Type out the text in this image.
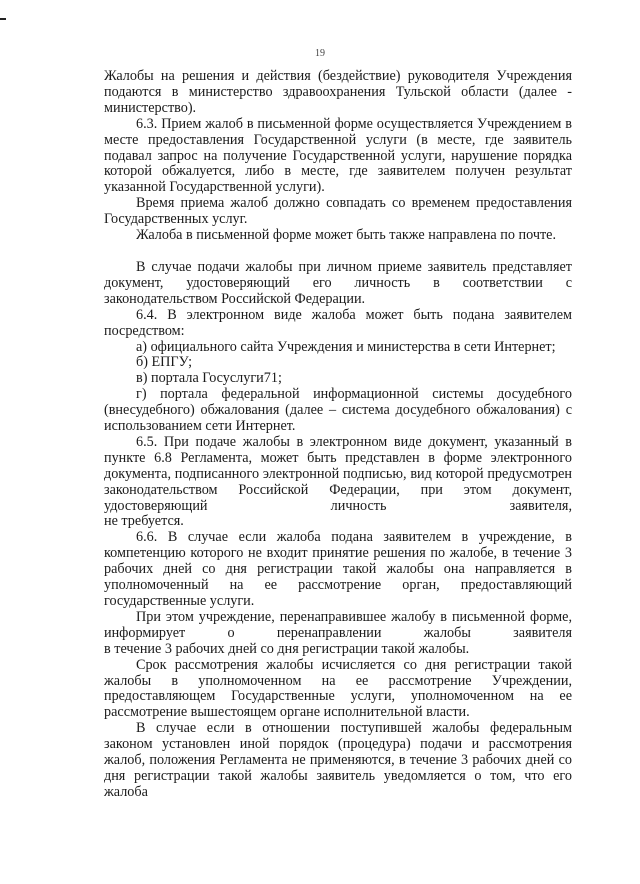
19

Жалобы на решения и действия (бездействие) руководителя Учреждения подаются в министерство здравоохранения Тульской области (далее - министерство).

6.3. Прием жалоб в письменной форме осуществляется Учреждением в месте предоставления Государственной услуги (в месте, где заявитель подавал запрос на получение Государственной услуги, нарушение порядка которой обжалуется, либо в месте, где заявителем получен результат указанной Государственной услуги).

Время приема жалоб должно совпадать со временем предоставления Государственных услуг.

Жалоба в письменной форме может быть также направлена по почте.

В случае подачи жалобы при личном приеме заявитель представляет документ, удостоверяющий его личность в соответствии с законодательством Российской Федерации.

6.4. В электронном виде жалоба может быть подана заявителем посредством:

а) официального сайта Учреждения и министерства в сети Интернет;

б) ЕПГУ;

в) портала Госуслуги71;

г) портала федеральной информационной системы досудебного (внесудебного) обжалования (далее – система досудебного обжалования) с использованием сети Интернет.

6.5. При подаче жалобы в электронном виде документ, указанный в пункте 6.8 Регламента, может быть представлен в форме электронного документа, подписанного электронной подписью, вид которой предусмотрен законодательством Российской Федерации, при этом документ, удостоверяющий личность заявителя,

не требуется.

6.6. В случае если жалоба подана заявителем в учреждение, в компетенцию которого не входит принятие решения по жалобе, в течение 3 рабочих дней со дня регистрации такой жалобы она направляется в уполномоченный на ее рассмотрение орган, предоставляющий государственные услуги.

При этом учреждение, перенаправившее жалобу в письменной форме, информирует о перенаправлении жалобы заявителя

в течение 3 рабочих дней со дня регистрации такой жалобы.

Срок рассмотрения жалобы исчисляется со дня регистрации такой жалобы в уполномоченном на ее рассмотрение Учреждении, предоставляющем Государственные услуги, уполномоченном на ее рассмотрение вышестоящем органе исполнительной власти.

В случае если в отношении поступившей жалобы федеральным законом установлен иной порядок (процедура) подачи и рассмотрения жалоб, положения Регламента не применяются, в течение 3 рабочих дней со дня регистрации такой жалобы заявитель уведомляется о том, что его жалоба
